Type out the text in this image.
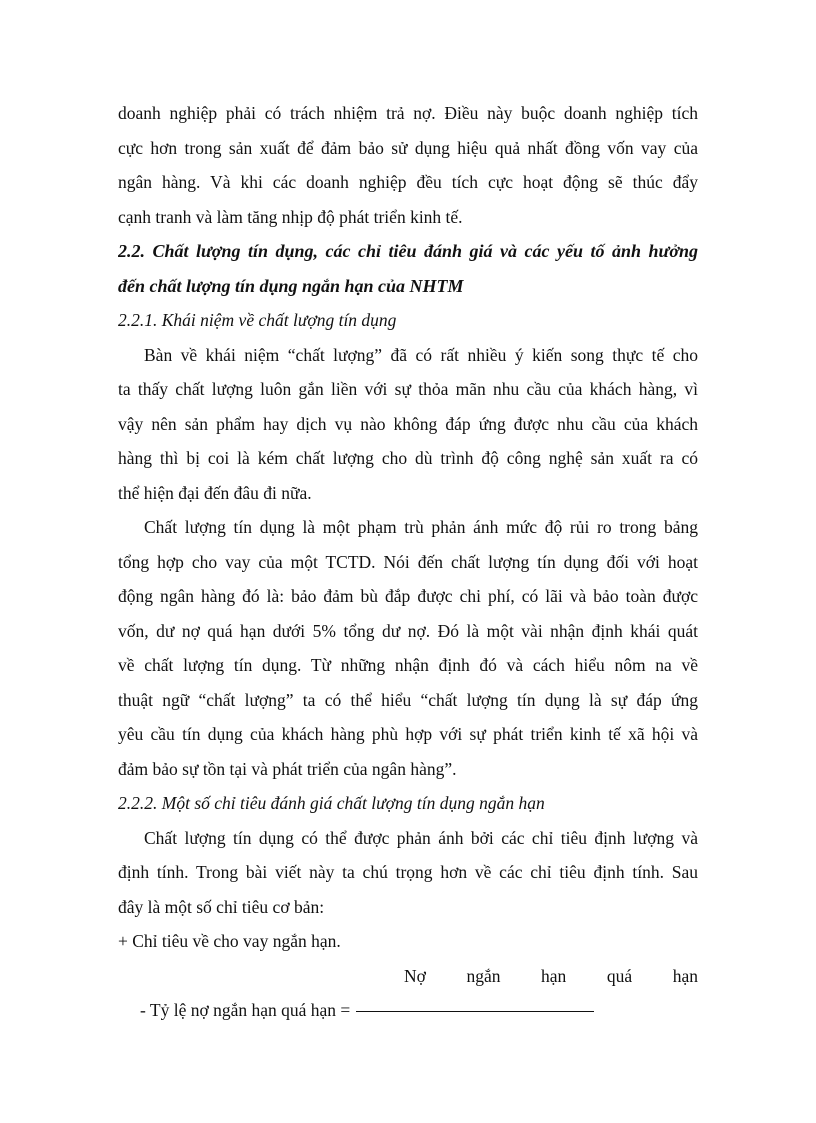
doanh nghiệp phải có trách nhiệm trả nợ. Điều này buộc doanh nghiệp tích
cực hơn trong sản xuất để đảm bảo sử dụng hiệu quả nhất đồng vốn vay của
ngân hàng. Và khi các doanh nghiệp đều tích cực hoạt động sẽ thúc đẩy
cạnh tranh và làm tăng nhịp độ phát triển kinh tế.
2.2. Chất lượng tín dụng, các chỉ tiêu đánh giá và các yếu tố ảnh hưởng
đến chất lượng tín dụng ngắn hạn của NHTM
2.2.1. Khái niệm về chất lượng tín dụng
Bàn về khái niệm “chất lượng” đã có rất nhiều ý kiến song thực tế cho
ta thấy chất lượng luôn gắn liền với sự thỏa mãn nhu cầu của khách hàng, vì
vậy nên sản phẩm hay dịch vụ nào không đáp ứng được nhu cầu của khách
hàng thì bị coi là kém chất lượng cho dù trình độ công nghệ sản xuất ra có
thể hiện đại đến đâu đi nữa.
Chất lượng tín dụng là một phạm trù phản ánh mức độ rủi ro trong bảng
tổng hợp cho vay của một TCTD. Nói đến chất lượng tín dụng đối với hoạt
động ngân hàng đó là: bảo đảm bù đắp được chi phí, có lãi và bảo toàn được
vốn, dư nợ quá hạn dưới 5% tổng dư nợ. Đó là một vài nhận định khái quát
về chất lượng tín dụng. Từ những nhận định đó và cách hiểu nôm na về
thuật ngữ “chất lượng” ta có thể hiểu “chất lượng tín dụng là sự đáp ứng
yêu cầu tín dụng của khách hàng phù hợp với sự phát triển kinh tế xã hội và
đảm bảo sự tồn tại và phát triển của ngân hàng”.
2.2.2. Một số chỉ tiêu đánh giá chất lượng tín dụng ngắn hạn
Chất lượng tín dụng có thể được phản ánh bởi các chỉ tiêu định lượng và
định tính. Trong bài viết này ta chú trọng hơn về các chỉ tiêu định tính. Sau
đây là một số chỉ tiêu cơ bản:
+ Chỉ tiêu về cho vay ngắn hạn.
Nợ ngắn hạn quá hạn
- Tỷ lệ nợ ngắn hạn quá hạn =
